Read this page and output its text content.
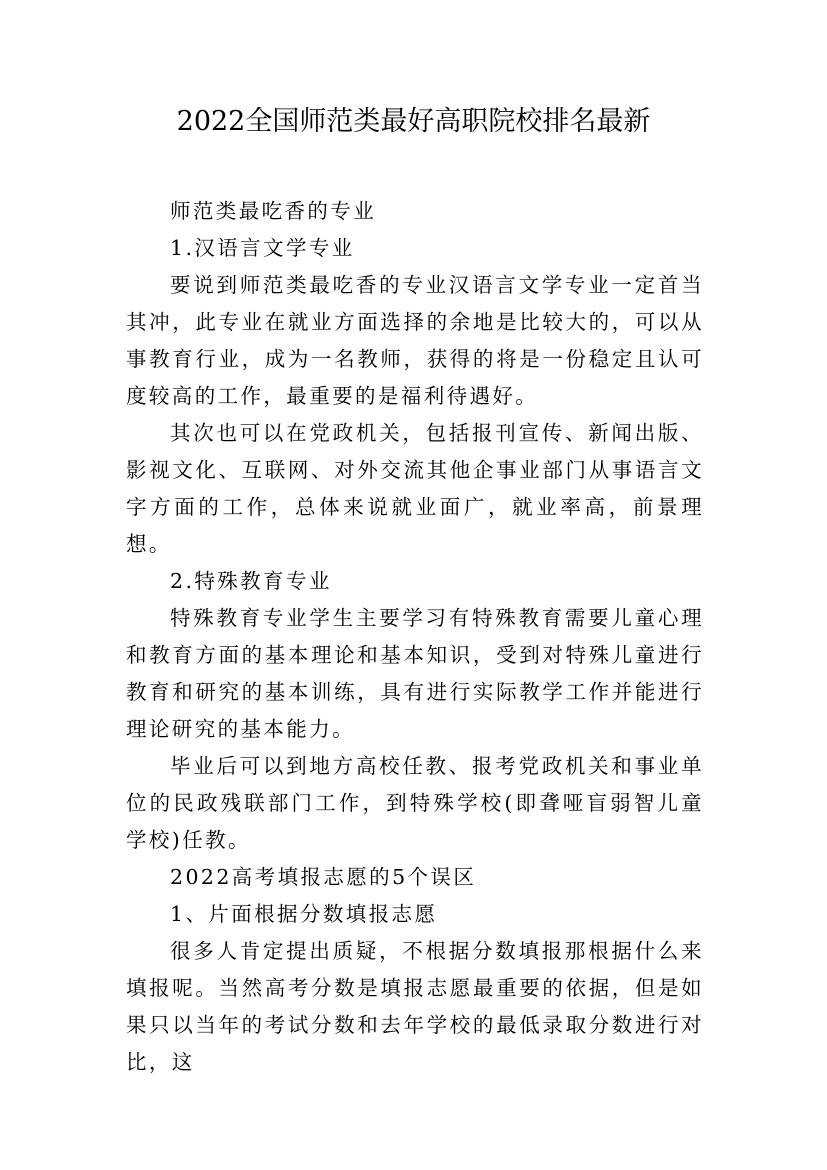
2022全国师范类最好高职院校排名最新

师范类最吃香的专业

1.汉语言文学专业

要说到师范类最吃香的专业汉语言文学专业一定首当其冲，此专业在就业方面选择的余地是比较大的，可以从事教育行业，成为一名教师，获得的将是一份稳定且认可度较高的工作，最重要的是福利待遇好。

其次也可以在党政机关，包括报刊宣传、新闻出版、影视文化、互联网、对外交流其他企事业部门从事语言文字方面的工作，总体来说就业面广，就业率高，前景理想。

2.特殊教育专业

特殊教育专业学生主要学习有特殊教育需要儿童心理和教育方面的基本理论和基本知识，受到对特殊儿童进行教育和研究的基本训练，具有进行实际教学工作并能进行理论研究的基本能力。

毕业后可以到地方高校任教、报考党政机关和事业单位的民政残联部门工作，到特殊学校(即聋哑盲弱智儿童学校)任教。

2022高考填报志愿的5个误区

1、片面根据分数填报志愿

很多人肯定提出质疑，不根据分数填报那根据什么来填报呢。当然高考分数是填报志愿最重要的依据，但是如果只以当年的考试分数和去年学校的最低录取分数进行对比，这
